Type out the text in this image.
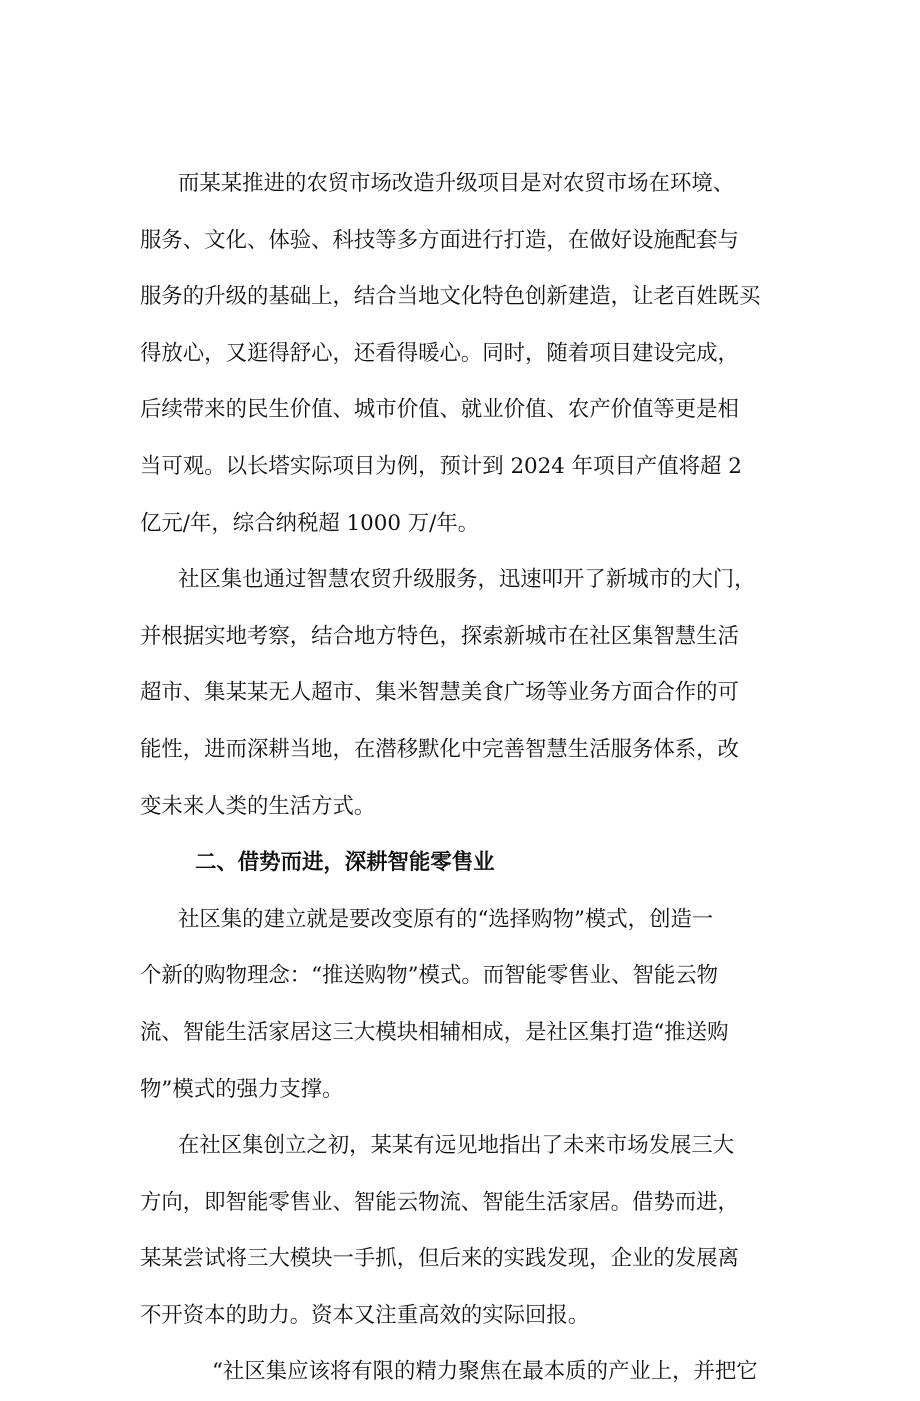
而某某推进的农贸市场改造升级项目是对农贸市场在环境、
服务、文化、体验、科技等多方面进行打造，在做好设施配套与
服务的升级的基础上，结合当地文化特色创新建造，让老百姓既买
得放心，又逛得舒心，还看得暖心。同时，随着项目建设完成，
后续带来的民生价值、城市价值、就业价值、农产价值等更是相
当可观。以长塔实际项目为例，预计到 2024 年项目产值将超 2
亿元/年，综合纳税超 1000 万/年。
社区集也通过智慧农贸升级服务，迅速叩开了新城市的大门，
并根据实地考察，结合地方特色，探索新城市在社区集智慧生活
超市、集某某无人超市、集米智慧美食广场等业务方面合作的可
能性，进而深耕当地，在潜移默化中完善智慧生活服务体系，改
变未来人类的生活方式。
二、借势而进，深耕智能零售业
社区集的建立就是要改变原有的“选择购物”模式，创造一
个新的购物理念：“推送购物”模式。而智能零售业、智能云物
流、智能生活家居这三大模块相辅相成，是社区集打造“推送购
物”模式的强力支撑。
在社区集创立之初，某某有远见地指出了未来市场发展三大
方向，即智能零售业、智能云物流、智能生活家居。借势而进，
某某尝试将三大模块一手抓，但后来的实践发现，企业的发展离
不开资本的助力。资本又注重高效的实际回报。
“社区集应该将有限的精力聚焦在最本质的产业上，并把它
